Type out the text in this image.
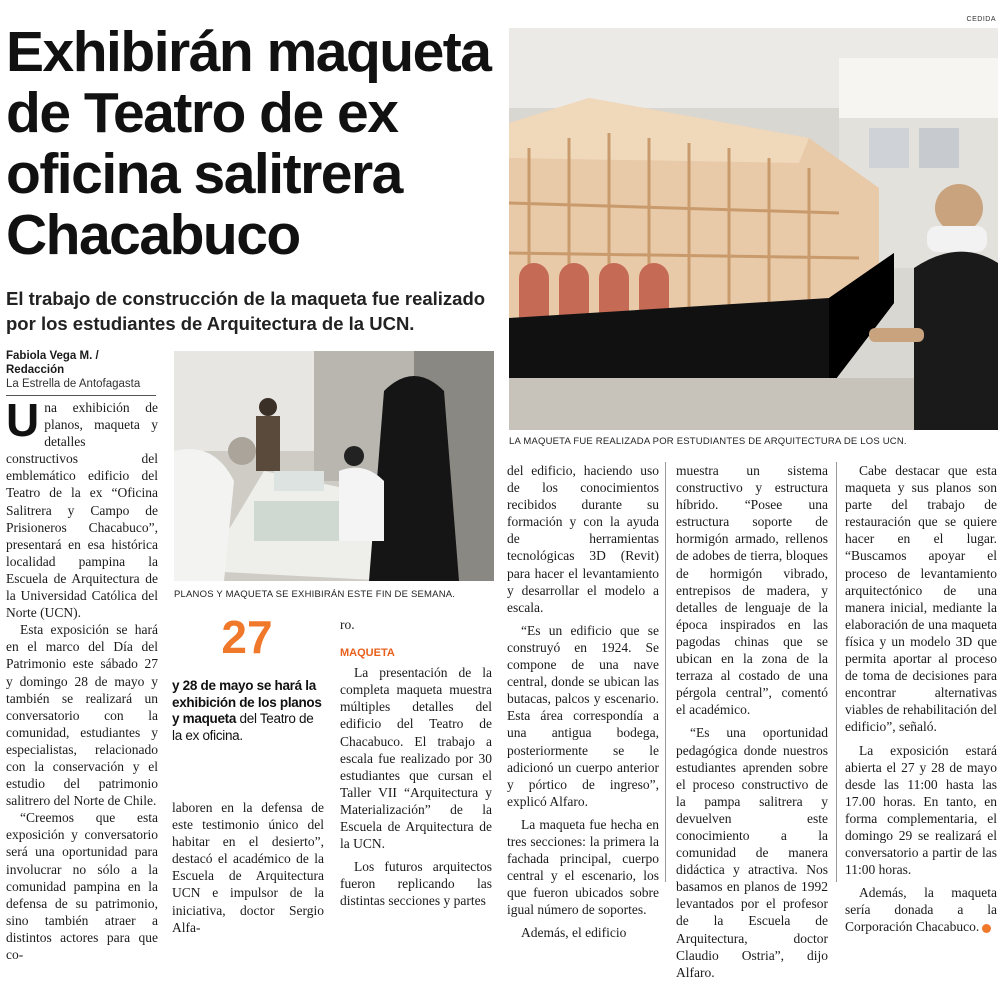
CEDIDA
Exhibirán maqueta de Teatro de ex oficina salitrera Chacabuco

El trabajo de construcción de la maqueta fue realizado por los estudiantes de Arquitectura de la UCN.

Fabiola Vega M. / Redacción
La Estrella de Antofagasta
LA MAQUETA FUE REALIZADA POR ESTUDIANTES DE ARQUITECTURA DE LOS UCN.
PLANOS Y MAQUETA SE EXHIBIRÁN ESTE FIN DE SEMANA.
U na exhibición de planos, maqueta y detalles constructivos del emblemático edificio del Teatro de la ex “Oficina Salitrera y Campo de Prisioneros Chacabuco”, presentará en esa histórica localidad pampina la Escuela de Arquitectura de la Universidad Católica del Norte (UCN).

Esta exposición se hará en el marco del Día del Patrimonio este sábado 27 y domingo 28 de mayo y también se realizará un conversatorio con la comunidad, estudiantes y especialistas, relacionado con la conservación y el estudio del patrimonio salitrero del Norte de Chile.

“Creemos que esta exposición y conversatorio será una oportunidad para involucrar no sólo a la comunidad pampina en la defensa de su patrimonio, sino también atraer a distintos actores para que co-

27
y 28 de mayo se hará la exhibición de los planos y maqueta del Teatro de la ex oficina.

laboren en la defensa de este testimonio único del habitar en el desierto”, destacó el académico de la Escuela de Arquitectura UCN e impulsor de la iniciativa, doctor Sergio Alfa-

ro.

MAQUETA

La presentación de la completa maqueta muestra múltiples detalles del edificio del Teatro de Chacabuco. El trabajo a escala fue realizado por 30 estudiantes que cursan el Taller VII “Arquitectura y Materialización” de la Escuela de Arquitectura de la UCN.

Los futuros arquitectos fueron replicando las distintas secciones y partes

del edificio, haciendo uso de los conocimientos recibidos durante su formación y con la ayuda de herramientas tecnológicas 3D (Revit) para hacer el levantamiento y desarrollar el modelo a escala.

“Es un edificio que se construyó en 1924. Se compone de una nave central, donde se ubican las butacas, palcos y escenario. Esta área correspondía a una antigua bodega, posteriormente se le adicionó un cuerpo anterior y pórtico de ingreso”, explicó Alfaro.

La maqueta fue hecha en tres secciones: la primera la fachada principal, cuerpo central y el escenario, los que fueron ubicados sobre igual número de soportes.

Además, el edificio

muestra un sistema constructivo y estructura híbrido. “Posee una estructura soporte de hormigón armado, rellenos de adobes de tierra, bloques de hormigón vibrado, entrepisos de madera, y detalles de lenguaje de la época inspirados en las pagodas chinas que se ubican en la zona de la terraza al costado de una pérgola central”, comentó el académico.

“Es una oportunidad pedagógica donde nuestros estudiantes aprenden sobre el proceso constructivo de la pampa salitrera y devuelven este conocimiento a la comunidad de manera didáctica y atractiva. Nos basamos en planos de 1992 levantados por el profesor de la Escuela de Arquitectura, doctor Claudio Ostria”, dijo Alfaro.

Cabe destacar que esta maqueta y sus planos son parte del trabajo de restauración que se quiere hacer en el lugar. “Buscamos apoyar el proceso de levantamiento arquitectónico de una manera inicial, mediante la elaboración de una maqueta física y un modelo 3D que permita aportar al proceso de toma de decisiones para encontrar alternativas viables de rehabilitación del edificio”, señaló.

La exposición estará abierta el 27 y 28 de mayo desde las 11:00 hasta las 17.00 horas. En tanto, en forma complementaria, el domingo 29 se realizará el conversatorio a partir de las 11:00 horas.

Además, la maqueta sería donada a la Corporación Chacabuco.
